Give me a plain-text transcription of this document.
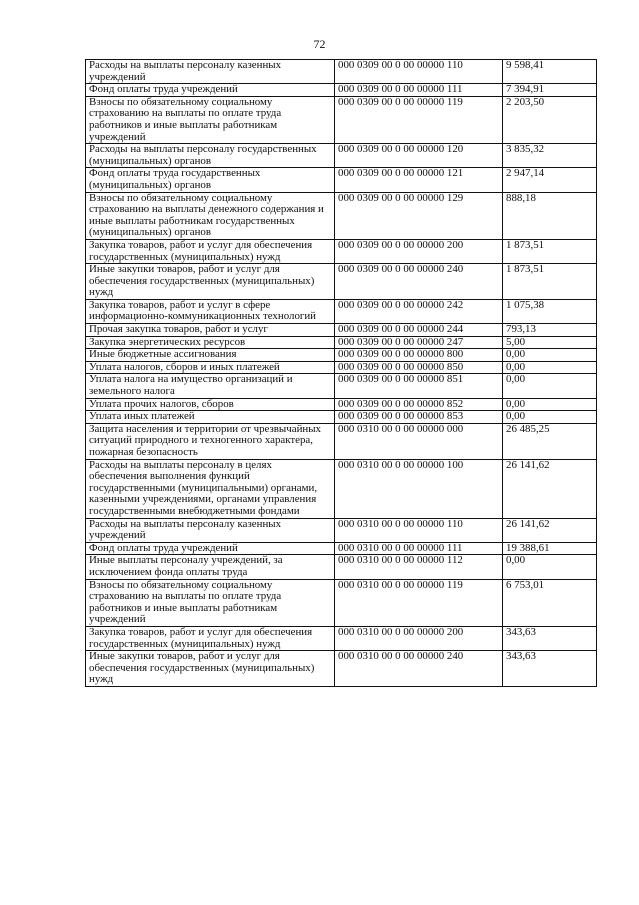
72
Расходы на выплаты персоналу казенных учреждений	000 0309 00 0 00 00000 110	9 598,41
Фонд оплаты труда учреждений	000 0309 00 0 00 00000 111	7 394,91
Взносы по обязательному социальному страхованию на выплаты по оплате труда работников и иные выплаты работникам учреждений	000 0309 00 0 00 00000 119	2 203,50
Расходы на выплаты персоналу государственных (муниципальных) органов	000 0309 00 0 00 00000 120	3 835,32
Фонд оплаты труда государственных (муниципальных) органов	000 0309 00 0 00 00000 121	2 947,14
Взносы по обязательному социальному страхованию на выплаты денежного содержания и иные выплаты работникам государственных (муниципальных) органов	000 0309 00 0 00 00000 129	888,18
Закупка товаров, работ и услуг для обеспечения государственных (муниципальных) нужд	000 0309 00 0 00 00000 200	1 873,51
Иные закупки товаров, работ и услуг для обеспечения государственных (муниципальных) нужд	000 0309 00 0 00 00000 240	1 873,51
Закупка товаров, работ и услуг в сфере информационно-коммуникационных технологий	000 0309 00 0 00 00000 242	1 075,38
Прочая закупка товаров, работ и услуг	000 0309 00 0 00 00000 244	793,13
Закупка энергетических ресурсов	000 0309 00 0 00 00000 247	5,00
Иные бюджетные ассигнования	000 0309 00 0 00 00000 800	0,00
Уплата налогов, сборов и иных платежей	000 0309 00 0 00 00000 850	0,00
Уплата налога на имущество организаций и земельного налога	000 0309 00 0 00 00000 851	0,00
Уплата прочих налогов, сборов	000 0309 00 0 00 00000 852	0,00
Уплата иных платежей	000 0309 00 0 00 00000 853	0,00
Защита населения и территории от чрезвычайных ситуаций природного и техногенного характера, пожарная безопасность	000 0310 00 0 00 00000 000	26 485,25
Расходы на выплаты персоналу в целях обеспечения выполнения функций государственными (муниципальными) органами, казенными учреждениями, органами управления государственными внебюджетными фондами	000 0310 00 0 00 00000 100	26 141,62
Расходы на выплаты персоналу казенных учреждений	000 0310 00 0 00 00000 110	26 141,62
Фонд оплаты труда учреждений	000 0310 00 0 00 00000 111	19 388,61
Иные выплаты персоналу учреждений, за исключением фонда оплаты труда	000 0310 00 0 00 00000 112	0,00
Взносы по обязательному социальному страхованию на выплаты по оплате труда работников и иные выплаты работникам учреждений	000 0310 00 0 00 00000 119	6 753,01
Закупка товаров, работ и услуг для обеспечения государственных (муниципальных) нужд	000 0310 00 0 00 00000 200	343,63
Иные закупки товаров, работ и услуг для обеспечения государственных (муниципальных) нужд	000 0310 00 0 00 00000 240	343,63
